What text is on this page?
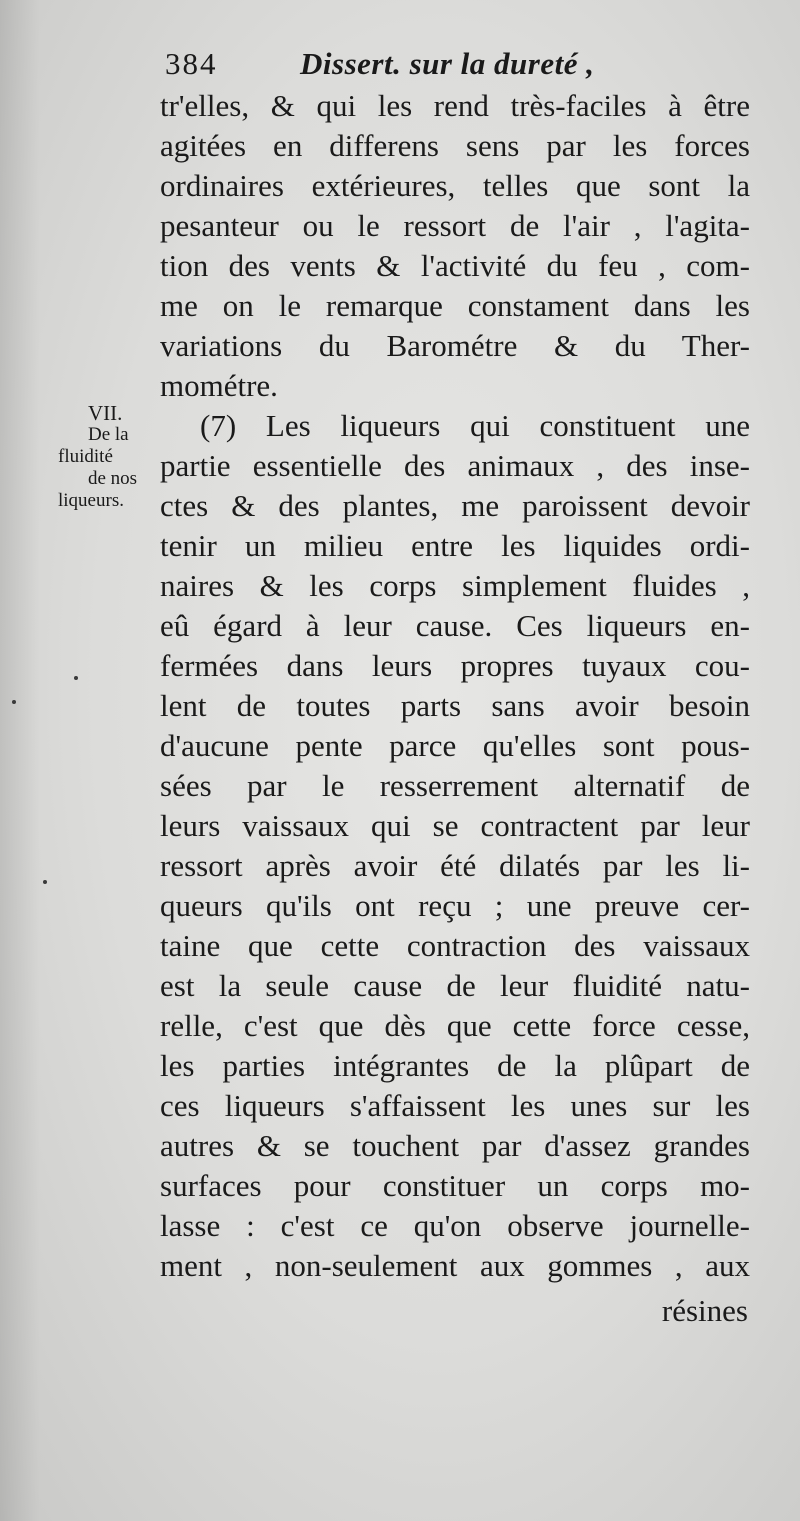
384	Dissert. sur la dureté ,
VII.
De la
fluidité
de nos
liqueurs.
tr'elles, & qui les rend très-faciles à être
agitées en differens sens par les forces
ordinaires extérieures, telles que sont la
pesanteur ou le ressort de l'air , l'agita-
tion des vents & l'activité du feu , com-
me on le remarque constament dans les
variations du Barométre & du Ther-
mométre.
(7) Les liqueurs qui constituent une
partie essentielle des animaux , des inse-
ctes & des plantes, me paroissent devoir
tenir un milieu entre les liquides ordi-
naires & les corps simplement fluides ,
eû égard à leur cause. Ces liqueurs en-
fermées dans leurs propres tuyaux cou-
lent de toutes parts sans avoir besoin
d'aucune pente parce qu'elles sont pous-
sées par le resserrement alternatif de
leurs vaissaux qui se contractent par leur
ressort après avoir été dilatés par les li-
queurs qu'ils ont reçu ; une preuve cer-
taine que cette contraction des vaissaux
est la seule cause de leur fluidité natu-
relle, c'est que dès que cette force cesse,
les parties intégrantes de la plûpart de
ces liqueurs s'affaissent les unes sur les
autres & se touchent par d'assez grandes
surfaces pour constituer un corps mo-
lasse : c'est ce qu'on observe journelle-
ment , non-seulement aux gommes , aux
résines
